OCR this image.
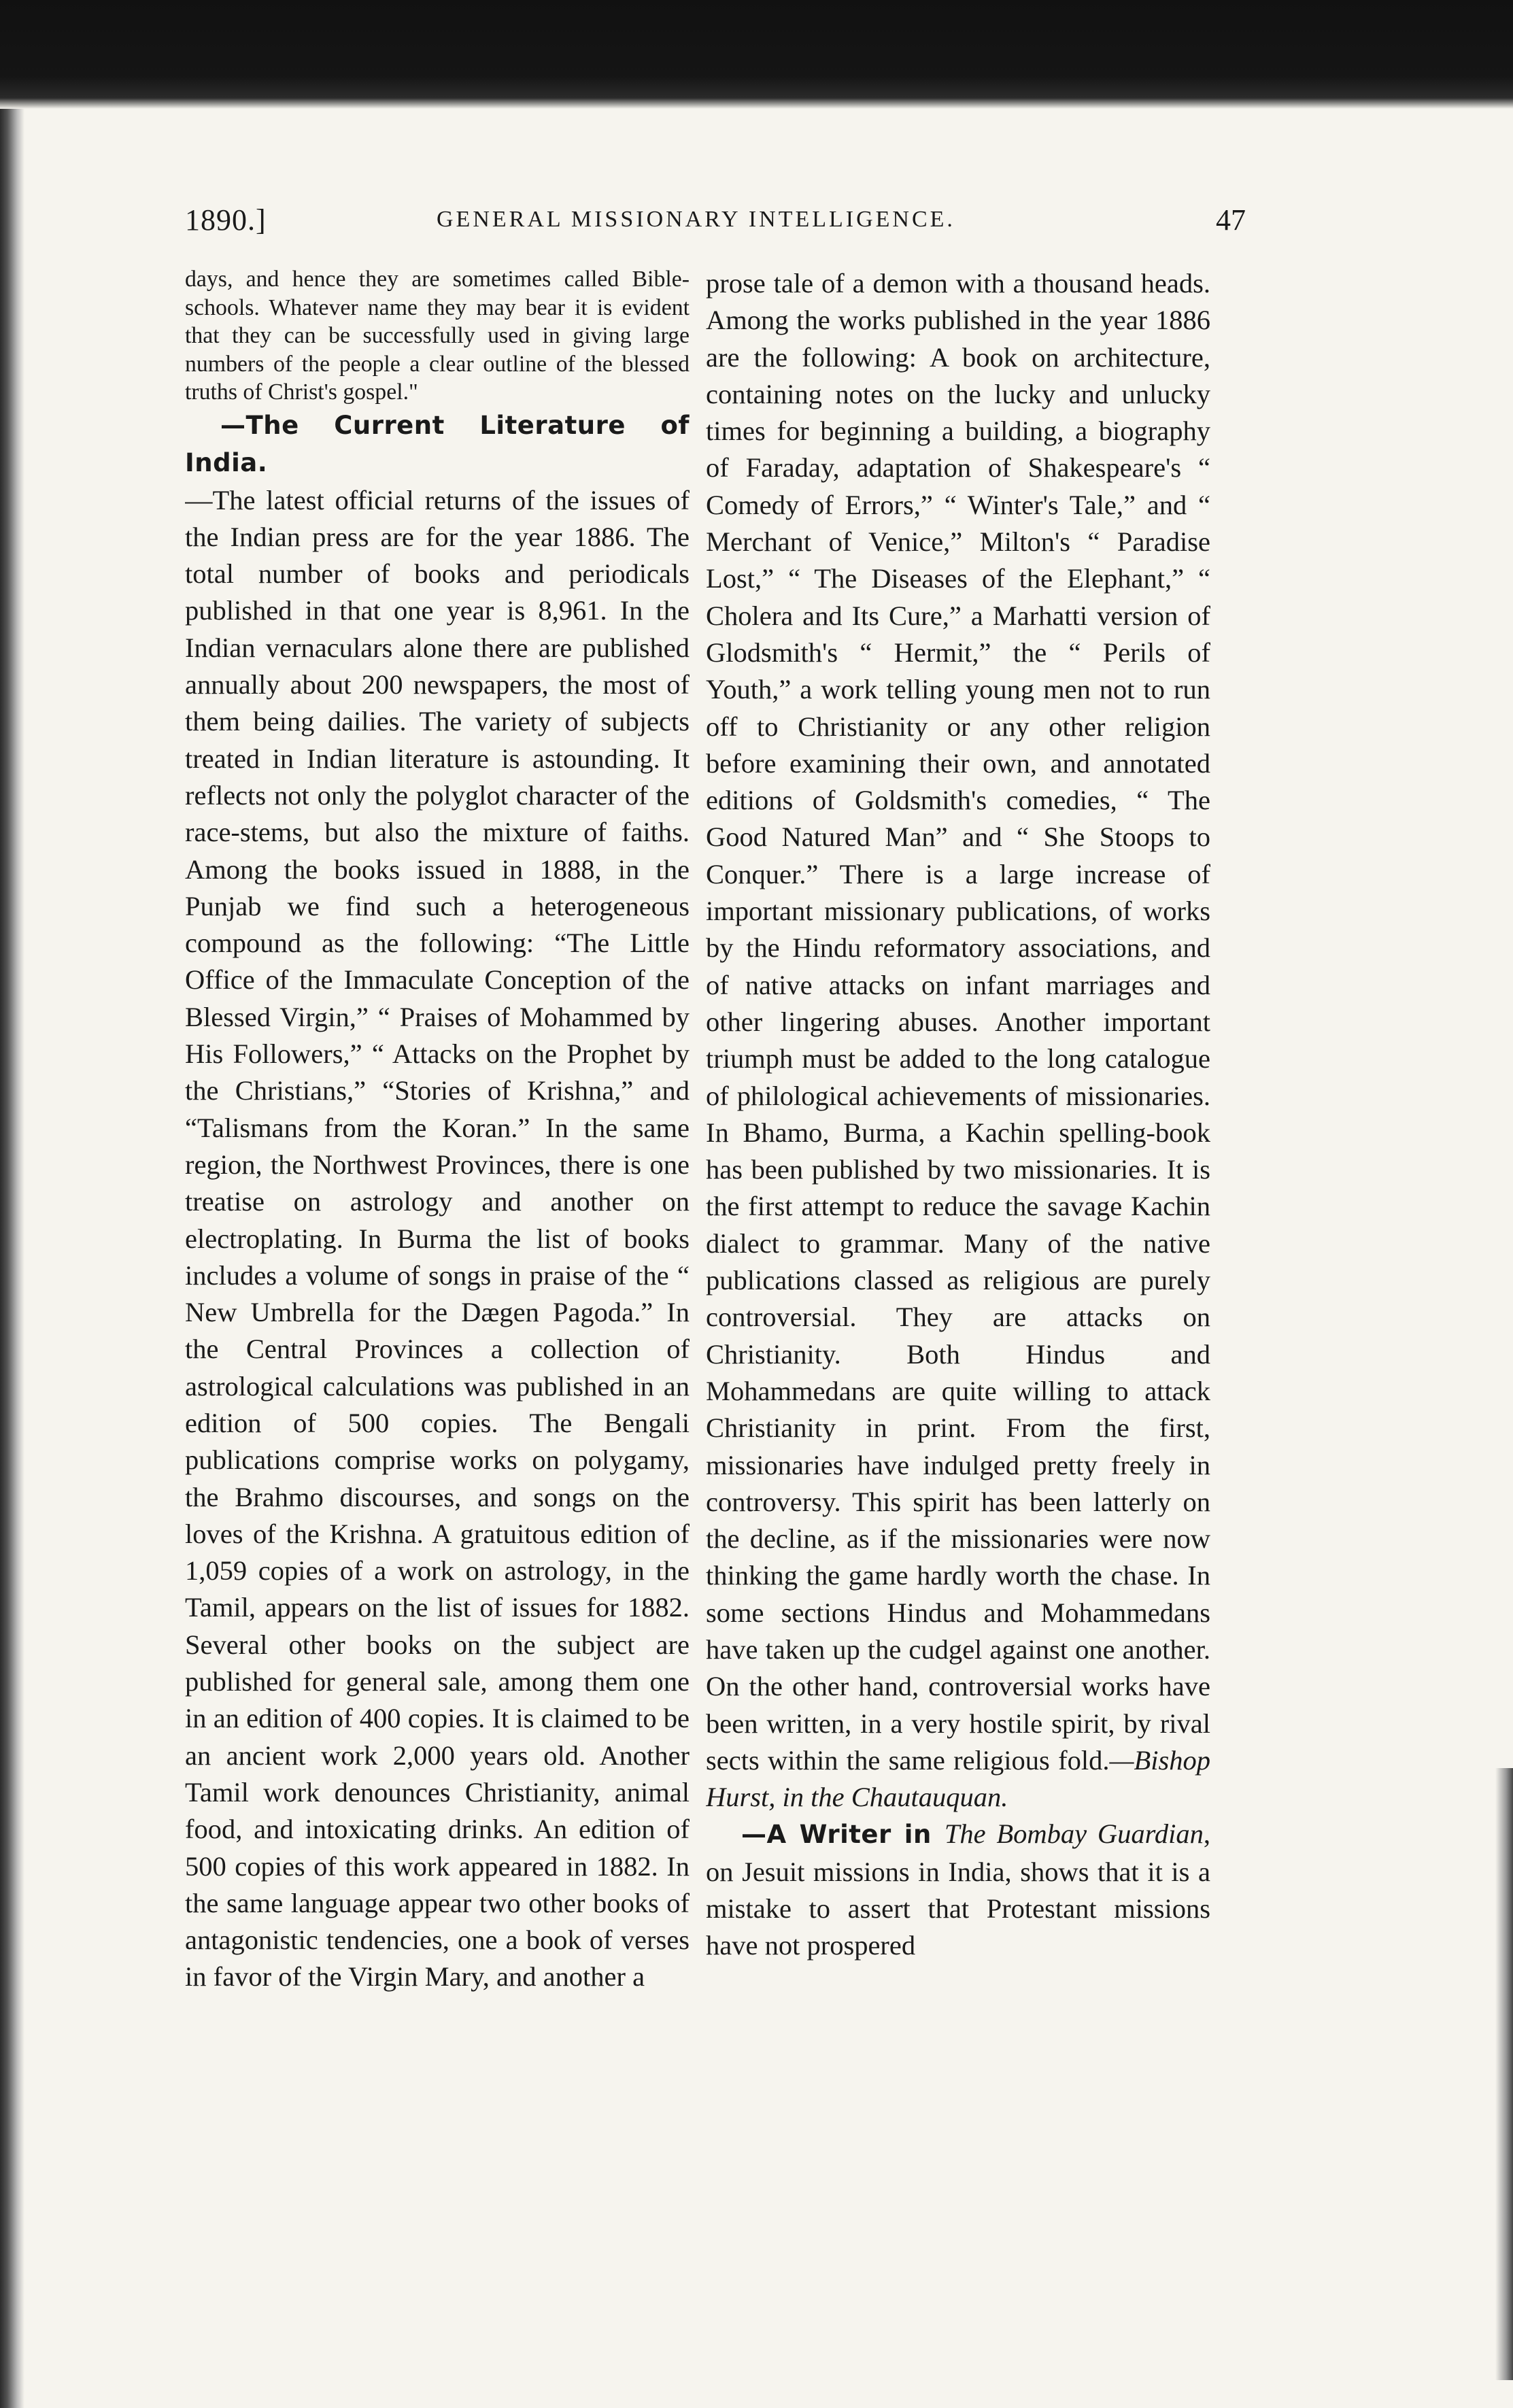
1890.]	GENERAL MISSIONARY INTELLIGENCE.	47

days, and hence they are sometimes called Bible-schools. Whatever name they may bear it is evident that they can be successfully used in giving large numbers of the people a clear outline of the blessed truths of Christ's gospel."

—The Current Literature of India.

—The latest official returns of the issues of the Indian press are for the year 1886. The total number of books and periodicals published in that one year is 8,961. In the Indian vernaculars alone there are published annually about 200 newspapers, the most of them being dailies. The variety of subjects treated in Indian literature is astounding. It reflects not only the polyglot character of the race-stems, but also the mixture of faiths. Among the books issued in 1888, in the Punjab we find such a heterogeneous compound as the following: “The Little Office of the Immaculate Conception of the Blessed Virgin,” “ Praises of Mohammed by His Followers,” “ Attacks on the Prophet by the Christians,” “Stories of Krishna,” and “Talismans from the Koran.” In the same region, the Northwest Provinces, there is one treatise on astrology and another on electroplating. In Burma the list of books includes a volume of songs in praise of the “ New Umbrella for the Dægen Pagoda.” In the Central Provinces a collection of astrological calculations was published in an edition of 500 copies. The Bengali publications comprise works on polygamy, the Brahmo discourses, and songs on the loves of the Krishna. A gratuitous edition of 1,059 copies of a work on astrology, in the Tamil, appears on the list of issues for 1882. Several other books on the subject are published for general sale, among them one in an edition of 400 copies. It is claimed to be an ancient work 2,000 years old. Another Tamil work denounces Christianity, animal food, and intoxicating drinks. An edition of 500 copies of this work appeared in 1882. In the same language appear two other books of antagonistic tendencies, one a book of verses in favor of the Virgin Mary, and another a

prose tale of a demon with a thousand heads. Among the works published in the year 1886 are the following: A book on architecture, containing notes on the lucky and unlucky times for beginning a building, a biography of Faraday, adaptation of Shakespeare's “ Comedy of Errors,” “ Winter's Tale,” and “ Merchant of Venice,” Milton's “ Paradise Lost,” “ The Diseases of the Elephant,” “ Cholera and Its Cure,” a Marhatti version of Glodsmith's “ Hermit,” the “ Perils of Youth,” a work telling young men not to run off to Christianity or any other religion before examining their own, and annotated editions of Goldsmith's comedies, “ The Good Natured Man” and “ She Stoops to Conquer.” There is a large increase of important missionary publications, of works by the Hindu reformatory associations, and of native attacks on infant marriages and other lingering abuses. Another important triumph must be added to the long catalogue of philological achievements of missionaries. In Bhamo, Burma, a Kachin spelling-book has been published by two missionaries. It is the first attempt to reduce the savage Kachin dialect to grammar. Many of the native publications classed as religious are purely controversial. They are attacks on Christianity. Both Hindus and Mohammedans are quite willing to attack Christianity in print. From the first, missionaries have indulged pretty freely in controversy. This spirit has been latterly on the decline, as if the missionaries were now thinking the game hardly worth the chase. In some sections Hindus and Mohammedans have taken up the cudgel against one another. On the other hand, controversial works have been written, in a very hostile spirit, by rival sects within the same religious fold.—Bishop Hurst, in the Chautauquan.

—A Writer in The Bombay Guardian, on Jesuit missions in India, shows that it is a mistake to assert that Protestant missions have not prospered
